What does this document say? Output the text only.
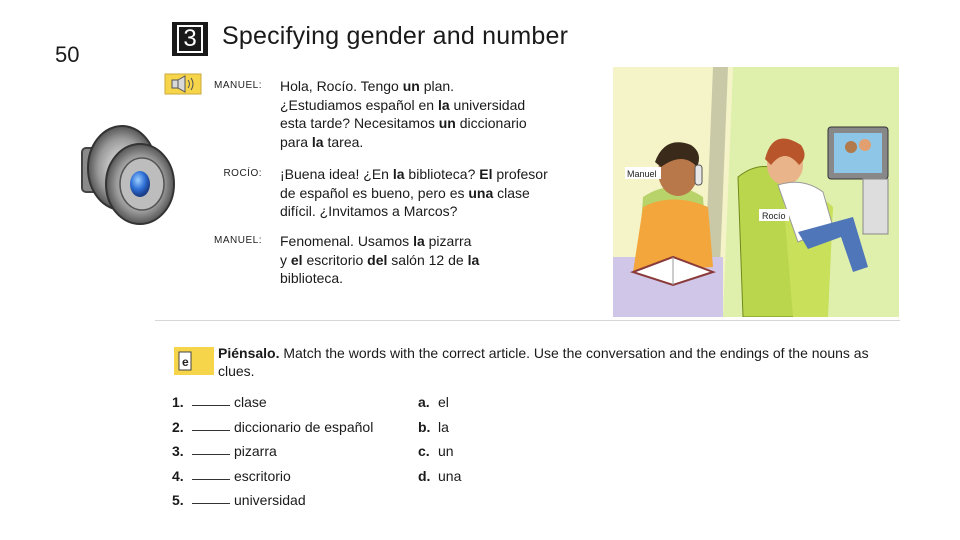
50
3	Specifying gender and number
MANUEL: Hola, Rocío. Tengo un plan.
¿Estudiamos español en la universidad
esta tarde? Necesitamos un diccionario
para la tarea.
ROCÍO: ¡Buena idea! ¿En la biblioteca? El profesor
de español es bueno, pero es una clase
difícil. ¿Invitamos a Marcos?
MANUEL: Fenomenal. Usamos la pizarra
y el escritorio del salón 12 de la
biblioteca.
Manuel
Rocío
e
Piénsalo. Match the words with the correct article. Use the conversation and the endings of the nouns as clues.
1.	clase
2.	diccionario de español
3.	pizarra
4.	escritorio
5.	universidad
a. el
b. la
c. un
d. una
